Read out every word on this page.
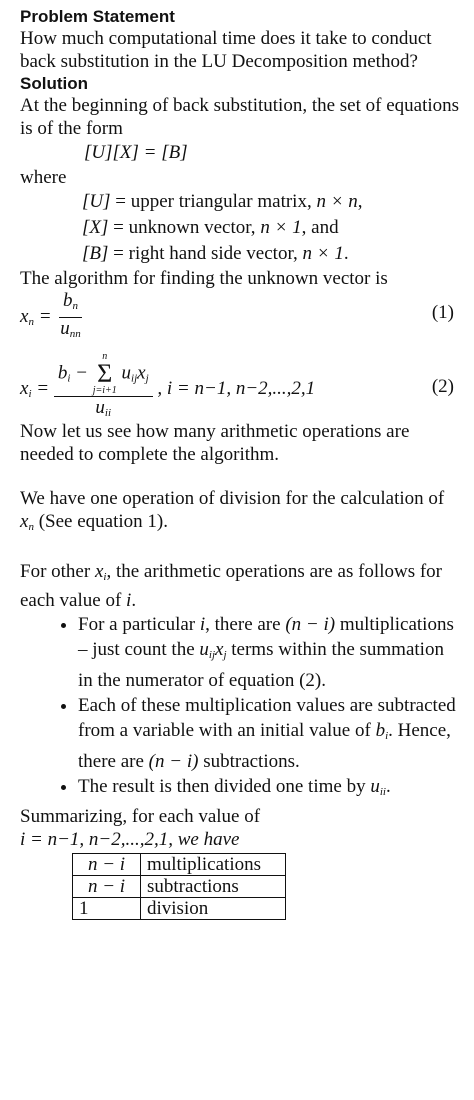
Problem Statement

How much computational time does it take to conduct back substitution in the LU Decomposition method?

Solution

At the beginning of back substitution, the set of equations is of the form

[U][X] = [B]

where

[U] = upper triangular matrix, n × n,
[X] = unknown vector, n × 1, and
[B] = right hand side vector, n × 1.

The algorithm for finding the unknown vector is

$x_n = \frac{b_n}{u_{nn}}$	(1)
$x_i = b_i$ −
n
Σ
j=i+1
$u_{ij}x_j$
$u_{ii}$ , i = n−1, n−2,...,2,1	(2)

Now let us see how many arithmetic operations are needed to complete the algorithm.

We have one operation of division for the calculation of $x_n$ (See equation 1).

For other $x_i$, the arithmetic operations are as follows for each value of i.

• For a particular i, there are (n − i) multiplications – just count the $u_{ij}x_j$ terms within the summation in the numerator of equation (2).
• Each of these multiplication values are subtracted from a variable with an initial value of $b_i$. Hence, there are (n − i) subtractions.
• The result is then divided one time by $u_{ii}$.

Summarizing, for each value of

i = n−1, n−2,...,2,1, we have

n − i	multiplications
n − i	subtractions
1	division
